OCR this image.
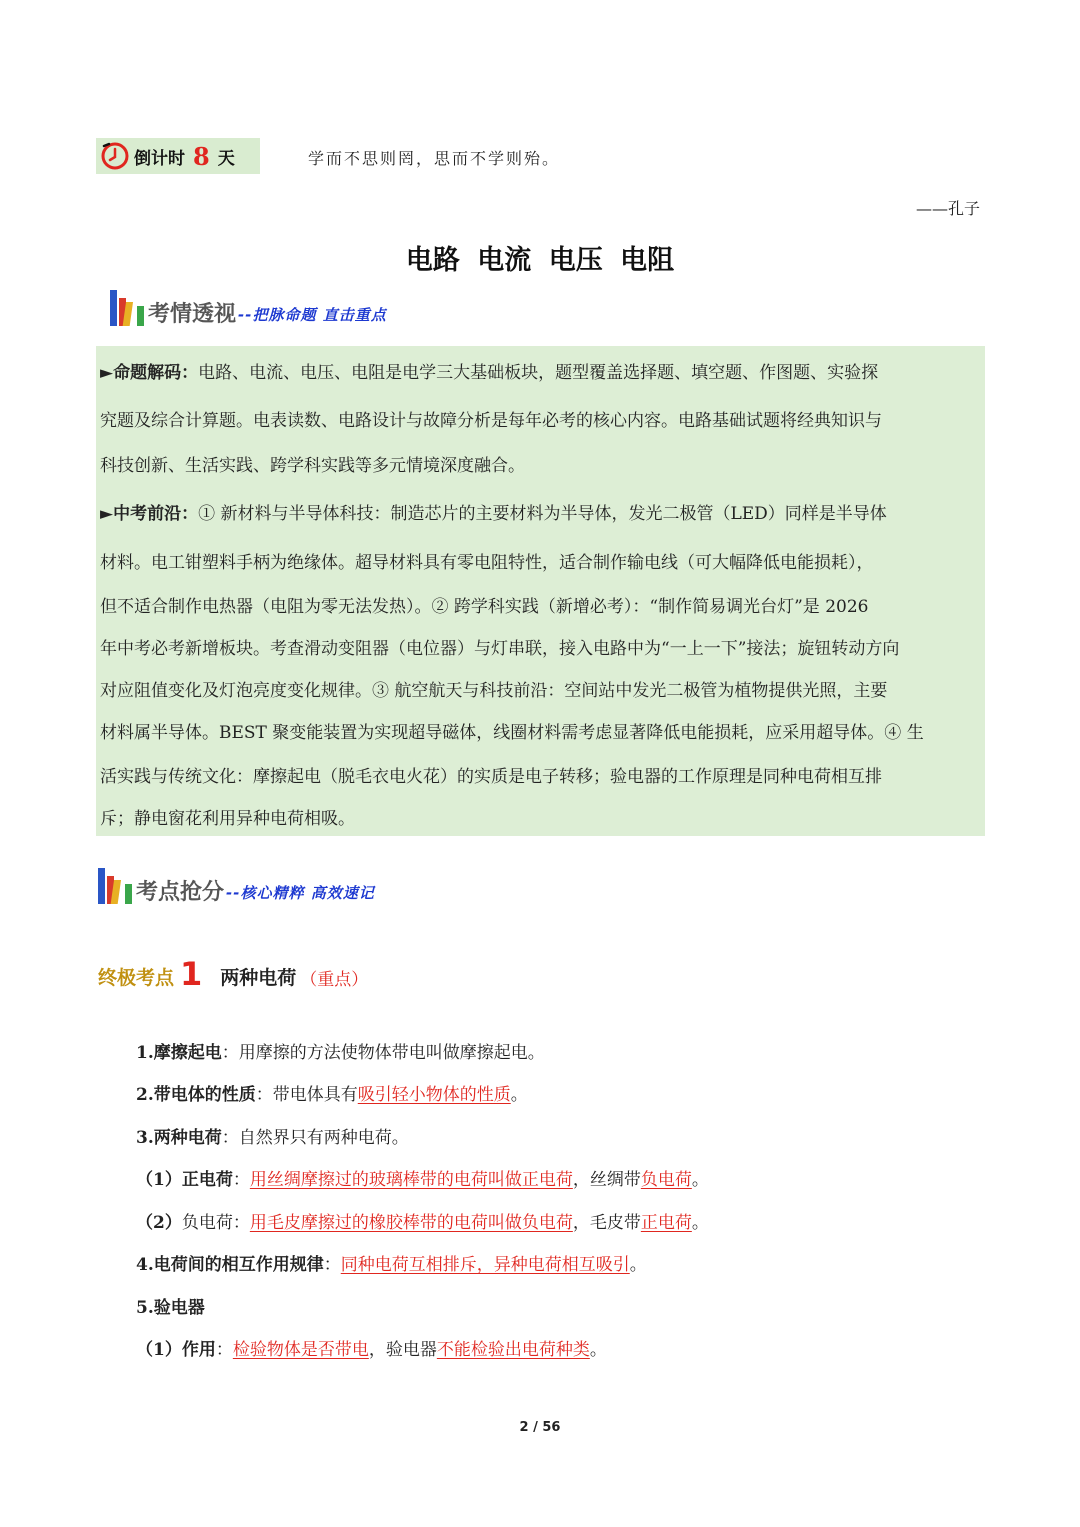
倒计时 8 天	学而不思则罔，思而不学则殆。
——孔子
电路 电流 电压 电阻
考情透视 --把脉命题 直击重点
►命题解码：电路、电流、电压、电阻是电学三大基础板块，题型覆盖选择题、填空题、作图题、实验探
究题及综合计算题。电表读数、电路设计与故障分析是每年必考的核心内容。电路基础试题将经典知识与
科技创新、生活实践、跨学科实践等多元情境深度融合。
►中考前沿：① 新材料与半导体科技：制造芯片的主要材料为半导体，发光二极管（LED）同样是半导体
材料。电工钳塑料手柄为绝缘体。超导材料具有零电阻特性，适合制作输电线（可大幅降低电能损耗），
但不适合制作电热器（电阻为零无法发热）。② 跨学科实践（新增必考）：“制作简易调光台灯”是 2026
年中考必考新增板块。考查滑动变阻器（电位器）与灯串联，接入电路中为“一上一下”接法；旋钮转动方向
对应阻值变化及灯泡亮度变化规律。③ 航空航天与科技前沿：空间站中发光二极管为植物提供光照，主要
材料属半导体。BEST 聚变能装置为实现超导磁体，线圈材料需考虑显著降低电能损耗，应采用超导体。④ 生
活实践与传统文化：摩擦起电（脱毛衣电火花）的实质是电子转移；验电器的工作原理是同种电荷相互排
斥；静电窗花利用异种电荷相吸。
考点抢分 --核心精粹 高效速记
终极考点 1 两种电荷 （重点）
1.摩擦起电：用摩擦的方法使物体带电叫做摩擦起电。
2.带电体的性质：带电体具有吸引轻小物体的性质。
3.两种电荷：自然界只有两种电荷。
（1）正电荷：用丝绸摩擦过的玻璃棒带的电荷叫做正电荷，丝绸带负电荷。
（2）负电荷：用毛皮摩擦过的橡胶棒带的电荷叫做负电荷，毛皮带正电荷。
4.电荷间的相互作用规律：同种电荷互相排斥，异种电荷相互吸引。
5.验电器
（1）作用：检验物体是否带电，验电器不能检验出电荷种类。
2 / 56
